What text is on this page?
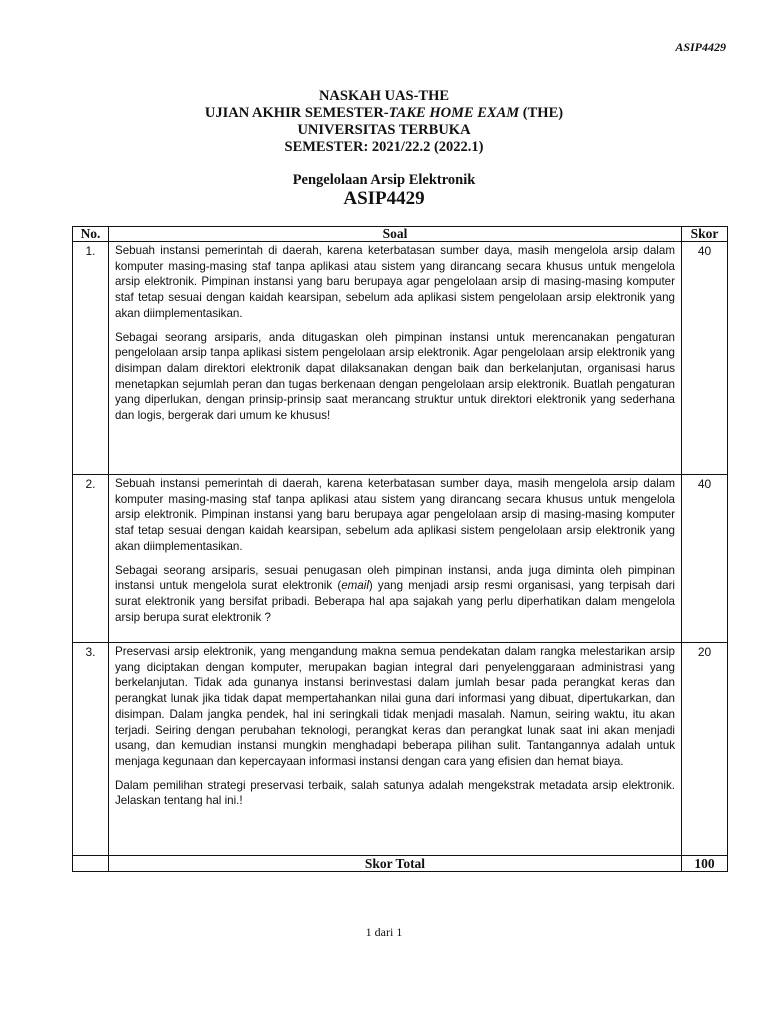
ASIP4429
NASKAH UAS-THE
UJIAN AKHIR SEMESTER-TAKE HOME EXAM (THE)
UNIVERSITAS TERBUKA
SEMESTER: 2021/22.2 (2022.1)
Pengelolaan Arsip Elektronik
ASIP4429
No.	Soal	Skor
1.	Sebuah instansi pemerintah di daerah, karena keterbatasan sumber daya, masih mengelola arsip dalam komputer masing-masing staf tanpa aplikasi atau sistem yang dirancang secara khusus untuk mengelola arsip elektronik. Pimpinan instansi yang baru berupaya agar pengelolaan arsip di masing-masing komputer staf tetap sesuai dengan kaidah kearsipan, sebelum ada aplikasi sistem pengelolaan arsip elektronik yang akan diimplementasikan.

Sebagai seorang arsiparis, anda ditugaskan oleh pimpinan instansi untuk merencanakan pengaturan pengelolaan arsip tanpa aplikasi sistem pengelolaan arsip elektronik. Agar pengelolaan arsip elektronik yang disimpan dalam direktori elektronik dapat dilaksanakan dengan baik dan berkelanjutan, organisasi harus menetapkan sejumlah peran dan tugas berkenaan dengan pengelolaan arsip elektronik. Buatlah pengaturan yang diperlukan, dengan prinsip-prinsip saat merancang struktur untuk direktori elektronik yang sederhana dan logis, bergerak dari umum ke khusus!	40
2.	Sebuah instansi pemerintah di daerah, karena keterbatasan sumber daya, masih mengelola arsip dalam komputer masing-masing staf tanpa aplikasi atau sistem yang dirancang secara khusus untuk mengelola arsip elektronik. Pimpinan instansi yang baru berupaya agar pengelolaan arsip di masing-masing komputer staf tetap sesuai dengan kaidah kearsipan, sebelum ada aplikasi sistem pengelolaan arsip elektronik yang akan diimplementasikan.

Sebagai seorang arsiparis, sesuai penugasan oleh pimpinan instansi, anda juga diminta oleh pimpinan instansi untuk mengelola surat elektronik (email) yang menjadi arsip resmi organisasi, yang terpisah dari surat elektronik yang bersifat pribadi. Beberapa hal apa sajakah yang perlu diperhatikan dalam mengelola arsip berupa surat elektronik ?	40
3.	Preservasi arsip elektronik, yang mengandung makna semua pendekatan dalam rangka melestarikan arsip yang diciptakan dengan komputer, merupakan bagian integral dari penyelenggaraan administrasi yang berkelanjutan. Tidak ada gunanya instansi berinvestasi dalam jumlah besar pada perangkat keras dan perangkat lunak jika tidak dapat mempertahankan nilai guna dari informasi yang dibuat, dipertukarkan, dan disimpan. Dalam jangka pendek, hal ini seringkali tidak menjadi masalah. Namun, seiring waktu, itu akan terjadi. Seiring dengan perubahan teknologi, perangkat keras dan perangkat lunak saat ini akan menjadi usang, dan kemudian instansi mungkin menghadapi beberapa pilihan sulit. Tantangannya adalah untuk menjaga kegunaan dan kepercayaan informasi instansi dengan cara yang efisien dan hemat biaya.

Dalam pemilihan strategi preservasi terbaik, salah satunya adalah mengekstrak metadata arsip elektronik. Jelaskan tentang hal ini.!	20
	Skor Total	100
1 dari 1
